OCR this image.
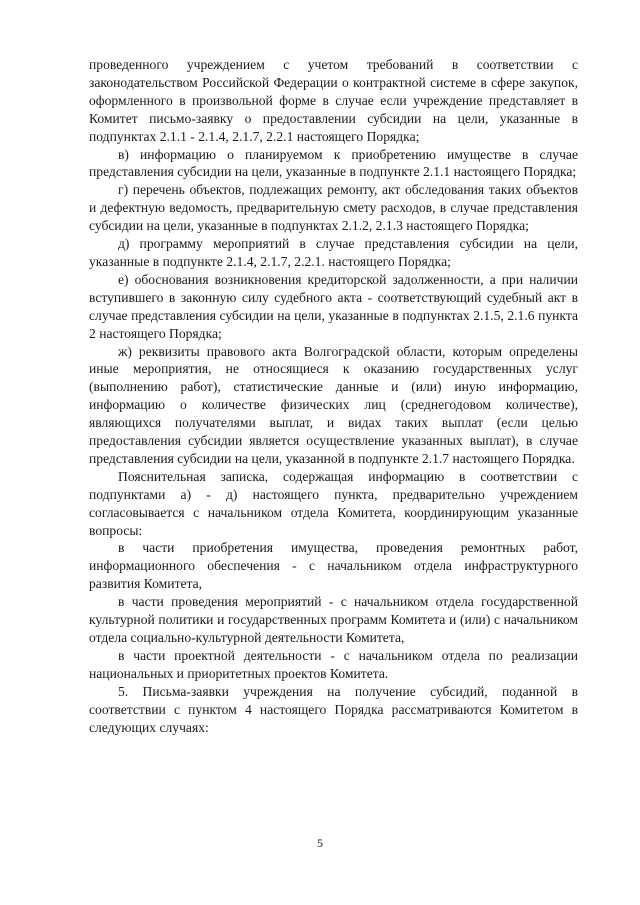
проведенного учреждением с учетом требований в соответствии с законодательством Российской Федерации о контрактной системе в сфере закупок, оформленного в произвольной форме в случае если учреждение представляет в Комитет письмо-заявку о предоставлении субсидии на цели, указанные в подпунктах 2.1.1 - 2.1.4, 2.1.7, 2.2.1 настоящего Порядка;

в) информацию о планируемом к приобретению имуществе в случае представления субсидии на цели, указанные в подпункте 2.1.1 настоящего Порядка;

г) перечень объектов, подлежащих ремонту, акт обследования таких объектов и дефектную ведомость, предварительную смету расходов, в случае представления субсидии на цели, указанные в подпунктах 2.1.2, 2.1.3 настоящего Порядка;

д) программу мероприятий в случае представления субсидии на цели, указанные в подпункте 2.1.4, 2.1.7, 2.2.1. настоящего Порядка;

е) обоснования возникновения кредиторской задолженности, а при наличии вступившего в законную силу судебного акта - соответствующий судебный акт в случае представления субсидии на цели, указанные в подпунктах 2.1.5, 2.1.6 пункта 2 настоящего Порядка;

ж) реквизиты правового акта Волгоградской области, которым определены иные мероприятия, не относящиеся к оказанию государственных услуг (выполнению работ), статистические данные и (или) иную информацию, информацию о количестве физических лиц (среднегодовом количестве), являющихся получателями выплат, и видах таких выплат (если целью предоставления субсидии является осуществление указанных выплат), в случае представления субсидии на цели, указанной в подпункте 2.1.7 настоящего Порядка.

Пояснительная записка, содержащая информацию в соответствии с подпунктами а) - д) настоящего пункта, предварительно учреждением согласовывается с начальником отдела Комитета, координирующим указанные вопросы:

в части приобретения имущества, проведения ремонтных работ, информационного обеспечения - с начальником отдела инфраструктурного развития Комитета,

в части проведения мероприятий - с начальником отдела государственной культурной политики и государственных программ Комитета и (или) с начальником отдела социально-культурной деятельности Комитета,

в части проектной деятельности - с начальником отдела по реализации национальных и приоритетных проектов Комитета.

5. Письма-заявки учреждения на получение субсидий, поданной в соответствии с пунктом 4 настоящего Порядка рассматриваются Комитетом в следующих случаях:

5
